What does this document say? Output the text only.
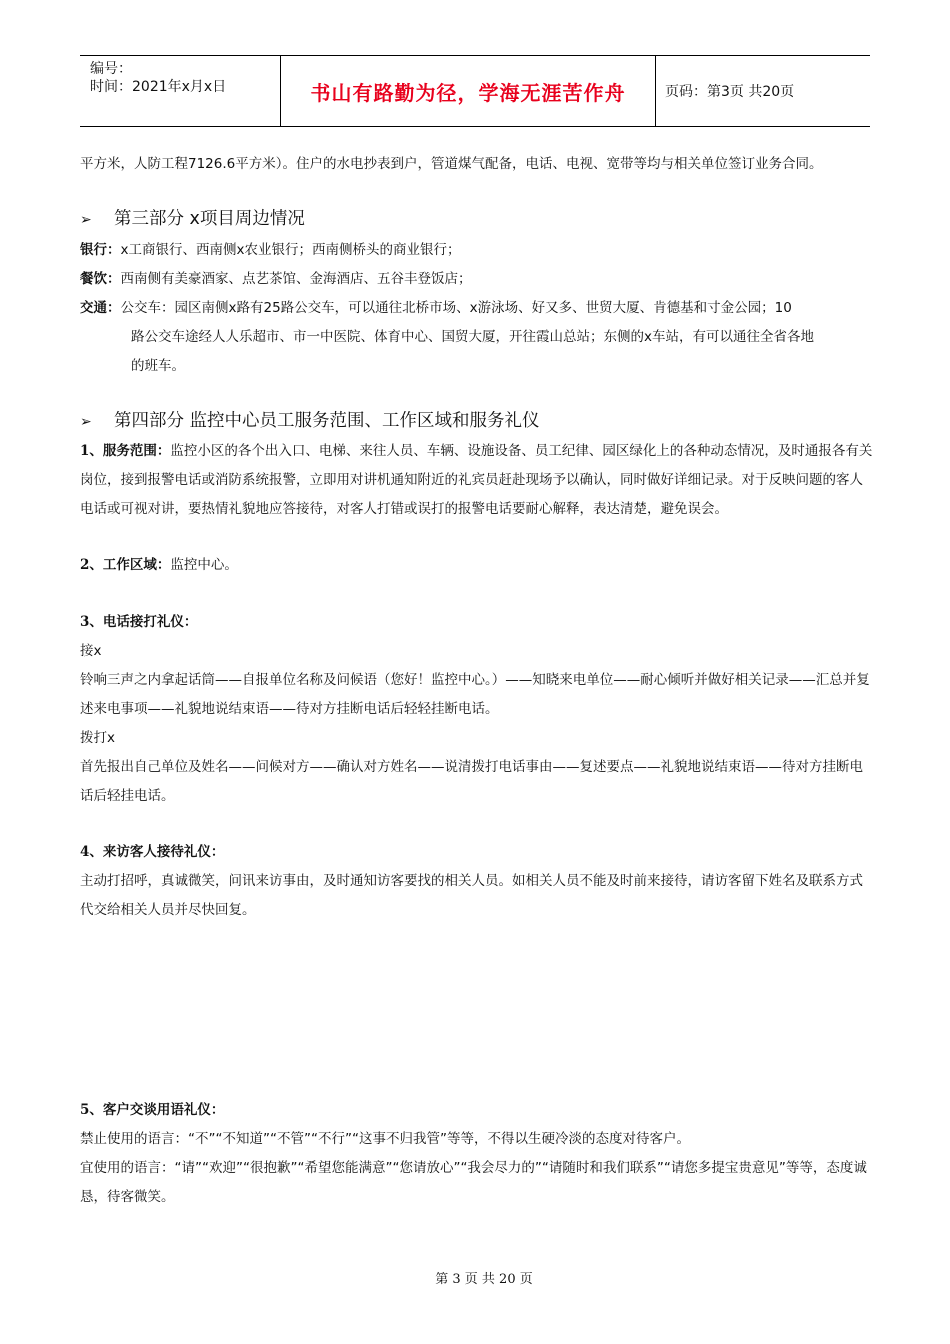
编号：
时间：2021年x月x日	书山有路勤为径，学海无涯苦作舟	页码：第3页 共20页
平方米，人防工程7126.6平方米）。住户的水电抄表到户，管道煤气配备，电话、电视、宽带等均与相关单位签订业务合同。
➢ 第三部分 x项目周边情况
银行：x工商银行、西南侧x农业银行；西南侧桥头的商业银行；
餐饮：西南侧有美豪酒家、点艺茶馆、金海酒店、五谷丰登饭店；
交通：公交车：园区南侧x路有25路公交车，可以通往北桥市场、x游泳场、好又多、世贸大厦、肯德基和寸金公园；10
路公交车途经人人乐超市、市一中医院、体育中心、国贸大厦，开往霞山总站；东侧的x车站，有可以通往全省各地
的班车。
➢ 第四部分 监控中心员工服务范围、工作区域和服务礼仪
1、服务范围：监控小区的各个出入口、电梯、来往人员、车辆、设施设备、员工纪律、园区绿化上的各种动态情况，及时通报各有关岗位，接到报警电话或消防系统报警，立即用对讲机通知附近的礼宾员赶赴现场予以确认，同时做好详细记录。对于反映问题的客人电话或可视对讲，要热情礼貌地应答接待，对客人打错或误打的报警电话要耐心解释，表达清楚，避免误会。
2、工作区域：监控中心。
3、电话接打礼仪：
接x
铃响三声之内拿起话筒——自报单位名称及问候语（您好！监控中心。）——知晓来电单位——耐心倾听并做好相关记录——汇总并复述来电事项——礼貌地说结束语——待对方挂断电话后轻轻挂断电话。
拨打x
首先报出自己单位及姓名——问候对方——确认对方姓名——说清拨打电话事由——复述要点——礼貌地说结束语——待对方挂断电话后轻挂电话。
4、来访客人接待礼仪：
主动打招呼，真诚微笑，问讯来访事由，及时通知访客要找的相关人员。如相关人员不能及时前来接待，请访客留下姓名及联系方式代交给相关人员并尽快回复。
5、客户交谈用语礼仪：
禁止使用的语言：“不”“不知道”“不管”“不行”“这事不归我管”等等，不得以生硬冷淡的态度对待客户。
宜使用的语言：“请”“欢迎”“很抱歉”“希望您能满意”“您请放心”“我会尽力的”“请随时和我们联系”“请您多提宝贵意见”等等，态度诚恳，待客微笑。
第 3 页 共 20 页
